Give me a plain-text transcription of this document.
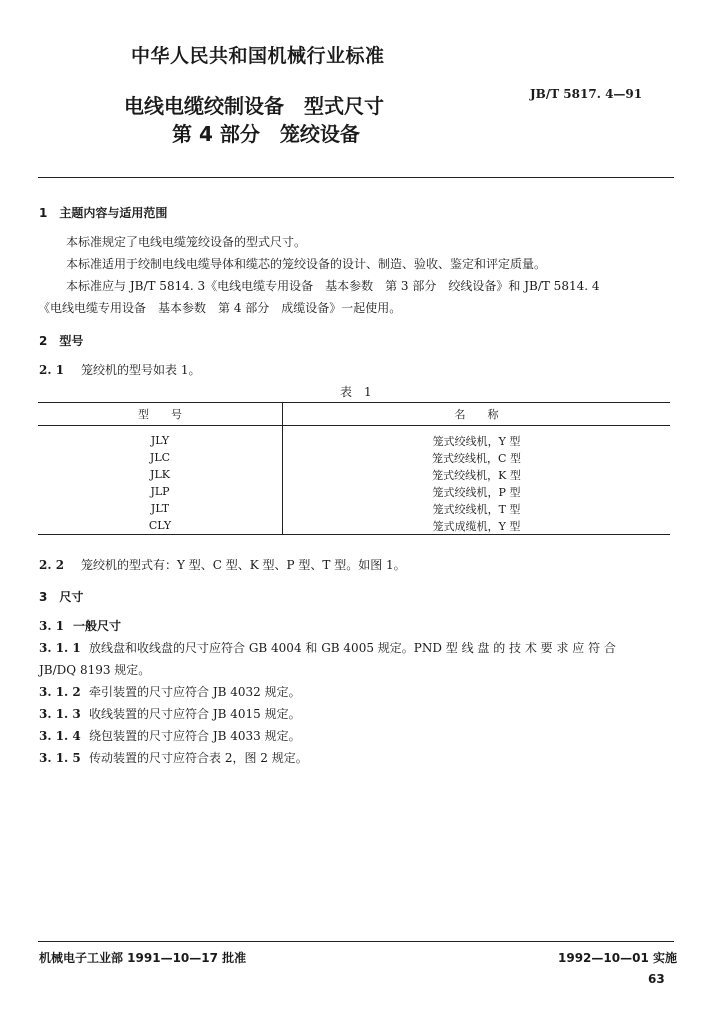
中华人民共和国机械行业标准
电线电缆绞制设备　型式尺寸
第 4 部分　笼绞设备
JB/T 5817. 4—91
1　主题内容与适用范围
本标准规定了电线电缆笼绞设备的型式尺寸。
本标准适用于绞制电线电缆导体和缆芯的笼绞设备的设计、制造、验收、鉴定和评定质量。
本标准应与 JB/T 5814. 3《电线电缆专用设备　基本参数　第 3 部分　绞线设备》和 JB/T 5814. 4
《电线电缆专用设备　基本参数　第 4 部分　成缆设备》一起使用。
2　型号
2. 1 笼绞机的型号如表 1。
表　1
型　　号	名　　称
JLY	笼式绞线机，Y 型
JLC	笼式绞线机，C 型
JLK	笼式绞线机，K 型
JLP	笼式绞线机，P 型
JLT	笼式绞线机，T 型
CLY	笼式成缆机，Y 型
2. 2 笼绞机的型式有：Y 型、C 型、K 型、P 型、T 型。如图 1。
3　尺寸
3. 1 一般尺寸
3. 1. 1 放线盘和收线盘的尺寸应符合 GB 4004 和 GB 4005 规定。PND 型 线 盘 的 技 术 要 求 应 符 合
JB/DQ 8193 规定。
3. 1. 2 牵引装置的尺寸应符合 JB 4032 规定。
3. 1. 3 收线装置的尺寸应符合 JB 4015 规定。
3. 1. 4 绕包装置的尺寸应符合 JB 4033 规定。
3. 1. 5 传动装置的尺寸应符合表 2，图 2 规定。
机械电子工业部 1991—10—17 批准	1992—10—01 实施
63
